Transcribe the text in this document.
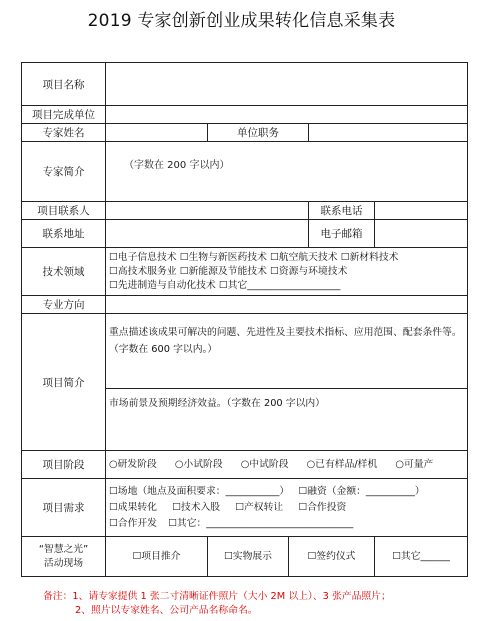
2019 专家创新创业成果转化信息采集表
项目名称					
项目完成单位					
专家姓名		单位职务			
专家简介	（字数在 200 字以内）				
项目联系人				联系电话	
联系地址				电子邮箱	
技术领域	☐电子信息技术 ☐生物与新医药技术 ☐航空航天技术 ☐新材料技术
☐高技术服务业 ☐新能源及节能技术 ☐资源与环境技术
☐先进制造与自动化技术 ☐其它___________________				

专业方向					
项目简介	重点描述该成果可解决的问题、先进性及主要技术指标、应用范围、配套条件等。（字数在 600 字以内。）				
	市场前景及预期经济效益。（字数在 200 字以内）				
项目阶段	○研发阶段 ○小试阶段 ○中试阶段 ○已有样品/样机 ○可量产				
项目需求	☐场地（地点及面积要求：___________） ☐融资（金额：__________）
☐成果转化 ☐技术入股 ☐产权转让 ☐合作投资
☐合作开发 ☐其它：______________________________				

“智慧之光”
活动现场	☐项目推介	☐实物展示	☐签约仪式		☐其它______
备注：1、请专家提供 1 张二寸清晰证件照片（大小 2M 以上）、3 张产品照片；
2、照片以专家姓名、公司产品名称命名。
